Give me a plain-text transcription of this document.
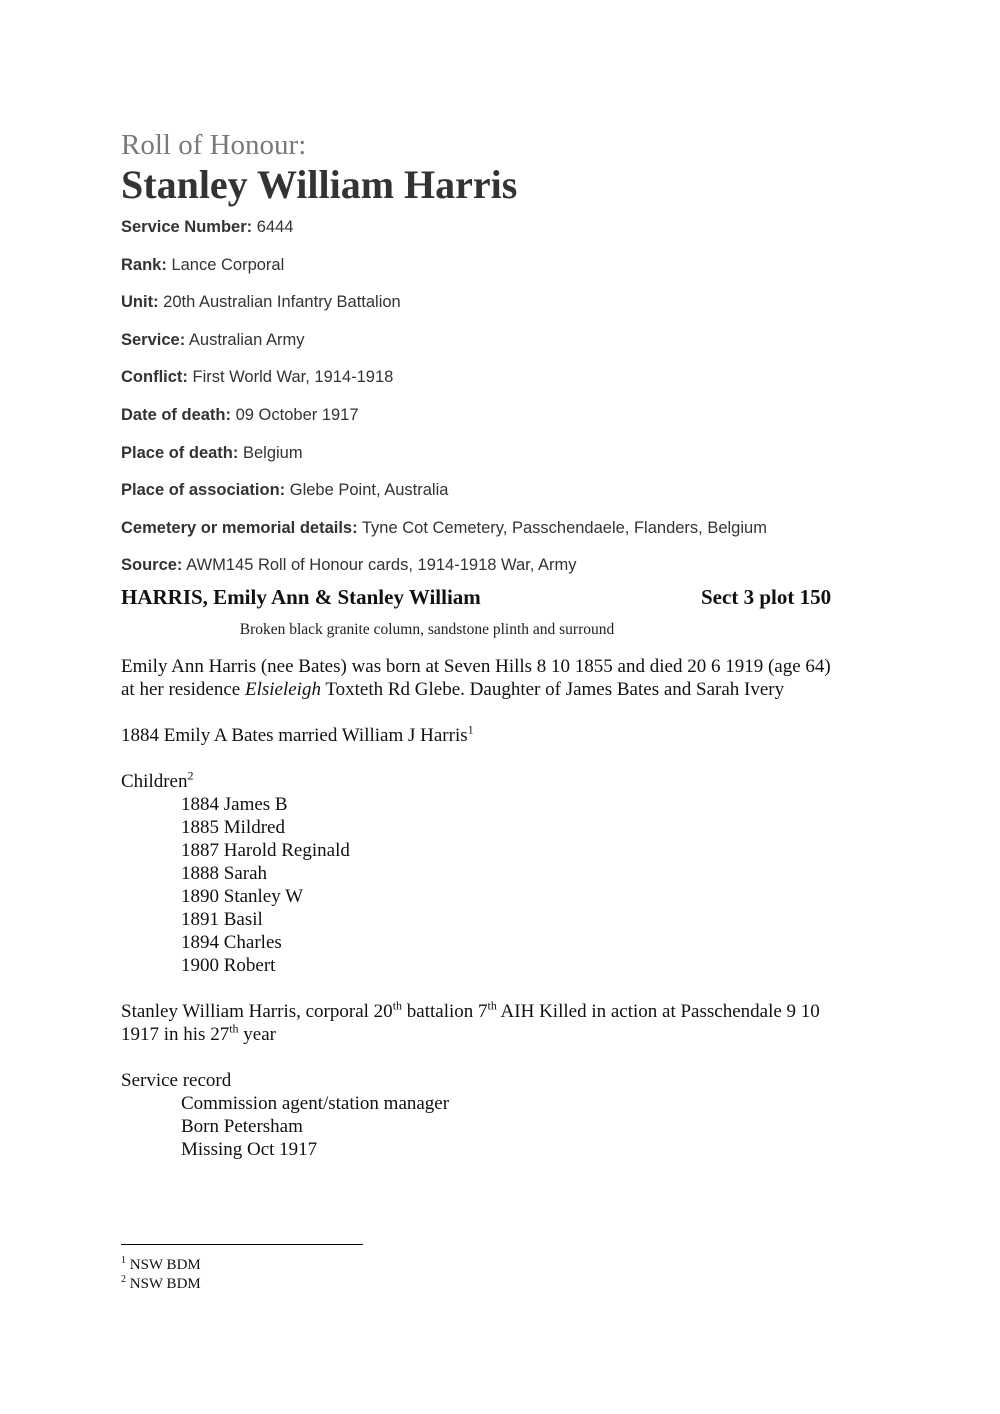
Roll of Honour:

Stanley William Harris

Service Number: 6444

Rank: Lance Corporal

Unit: 20th Australian Infantry Battalion

Service: Australian Army

Conflict: First World War, 1914-1918

Date of death: 09 October 1917

Place of death: Belgium

Place of association: Glebe Point, Australia

Cemetery or memorial details: Tyne Cot Cemetery, Passchendaele, Flanders, Belgium

Source: AWM145 Roll of Honour cards, 1914-1918 War, Army

HARRIS, Emily Ann & Stanley William	Sect 3 plot 150
Broken black granite column, sandstone plinth and surround

Emily Ann Harris (nee Bates) was born at Seven Hills 8 10 1855 and died 20 6 1919 (age 64)

at her residence Elsieleigh Toxteth Rd Glebe. Daughter of James Bates and Sarah Ivery

1884 Emily A Bates married William J Harris$^1$

Children$^2$

1884 James B

1885 Mildred

1887 Harold Reginald

1888 Sarah

1890 Stanley W

1891 Basil

1894 Charles

1900 Robert

Stanley William Harris, corporal 20th battalion 7th AIH Killed in action at Passchendale 9 10

1917 in his 27th year

Service record

Commission agent/station manager

Born Petersham

Missing Oct 1917

$^1$ NSW BDM
$^2$ NSW BDM
